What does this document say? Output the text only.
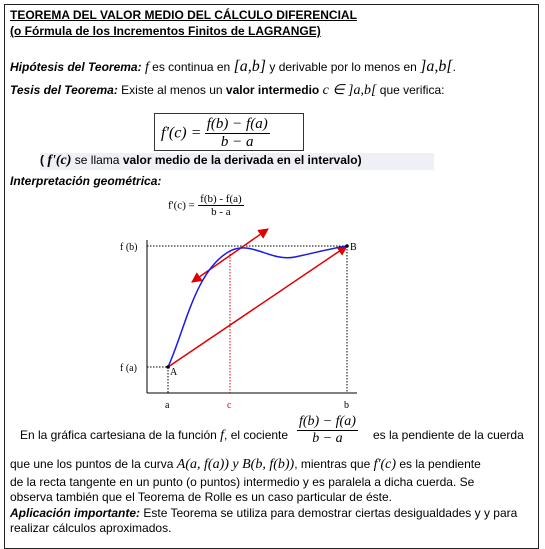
TEOREMA DEL VALOR MEDIO DEL CÁLCULO DIFERENCIAL
(o Fórmula de los Incrementos Finitos de LAGRANGE)
Hipótesis del Teorema: f es continua en [a,b] y derivable por lo menos en ]a,b[.
Tesis del Teorema: Existe al menos un valor intermedio c ∈ ]a,b[ que verifica:
$f'(c) = \frac{f(b) - f(a)}{b - a}$
( f'(c) se llama valor medio de la derivada en el intervalo)
Interpretación geométrica:
$f'(c) = \frac{f(b) - f(a)}{b - a}$
f (b)
f (a)	A
B
a	c	b
En la gráfica cartesiana de la función f, el cociente $\frac{f(b) - f(a)}{b - a}$ es la pendiente de la cuerda
que une los puntos de la curva A(a, f(a)) y B(b, f(b)), mientras que f'(c) es la pendiente
de la recta tangente en un punto (o puntos) intermedio y es paralela a dicha cuerda. Se
observa también que el Teorema de Rolle es un caso particular de éste.
Aplicación importante: Este Teorema se utiliza para demostrar ciertas desigualdades y y para
realizar cálculos aproximados.
